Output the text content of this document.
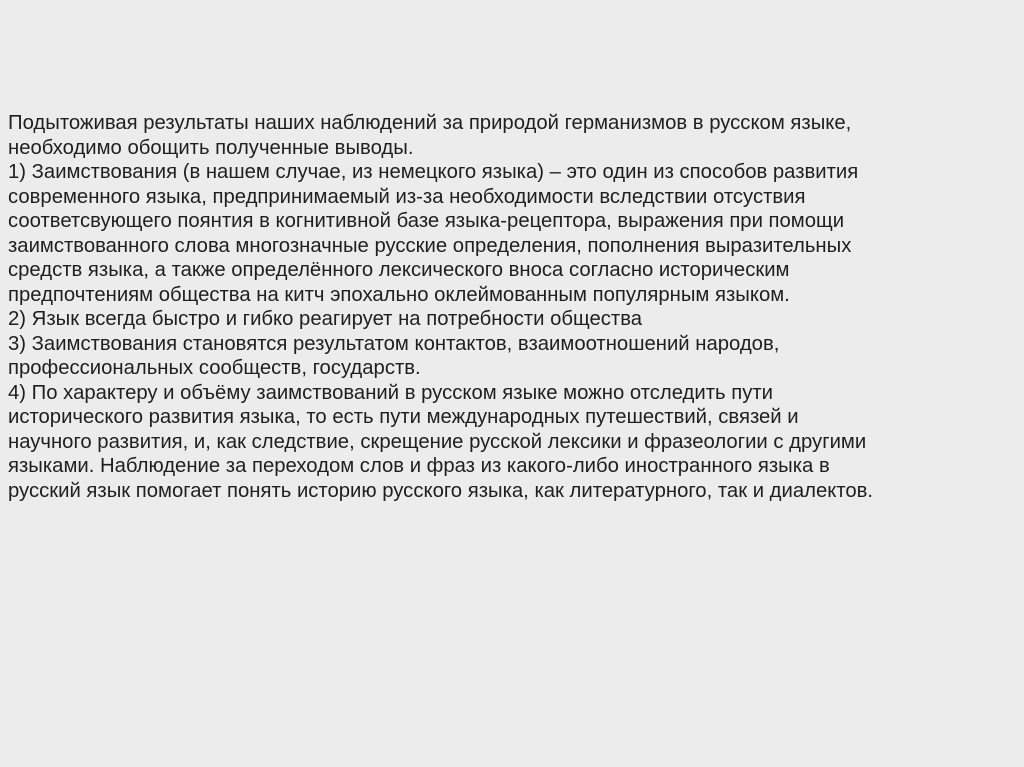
Подытоживая результаты наших наблюдений за природой германизмов в русском языке,
необходимо обощить полученные выводы.
1) Заимствования (в нашем случае, из немецкого языка) – это один из способов развития
современного языка, предпринимаемый из-за необходимости вследствии отсуствия
соответсвующего поянтия в когнитивной базе языка-рецептора, выражения при помощи
заимствованного слова многозначные русские определения, пополнения выразительных
средств языка, а также определённого лексического вноса согласно историческим
предпочтениям общества на китч эпохально оклеймованным популярным языком.
2) Язык всегда быстро и гибко реагирует на потребности общества
3) Заимствования становятся результатом контактов, взаимоотношений народов,
профессиональных сообществ, государств.
4) По характеру и объёму заимствований в русском языке можно отследить пути
исторического развития языка, то есть пути международных путешествий, связей и
научного развития, и, как следствие, скрещение русской лексики и фразеологии с другими
языками. Наблюдение за переходом слов и фраз из какого-либо иностранного языка в
русский язык помогает понять историю русского языка, как литературного, так и диалектов.
